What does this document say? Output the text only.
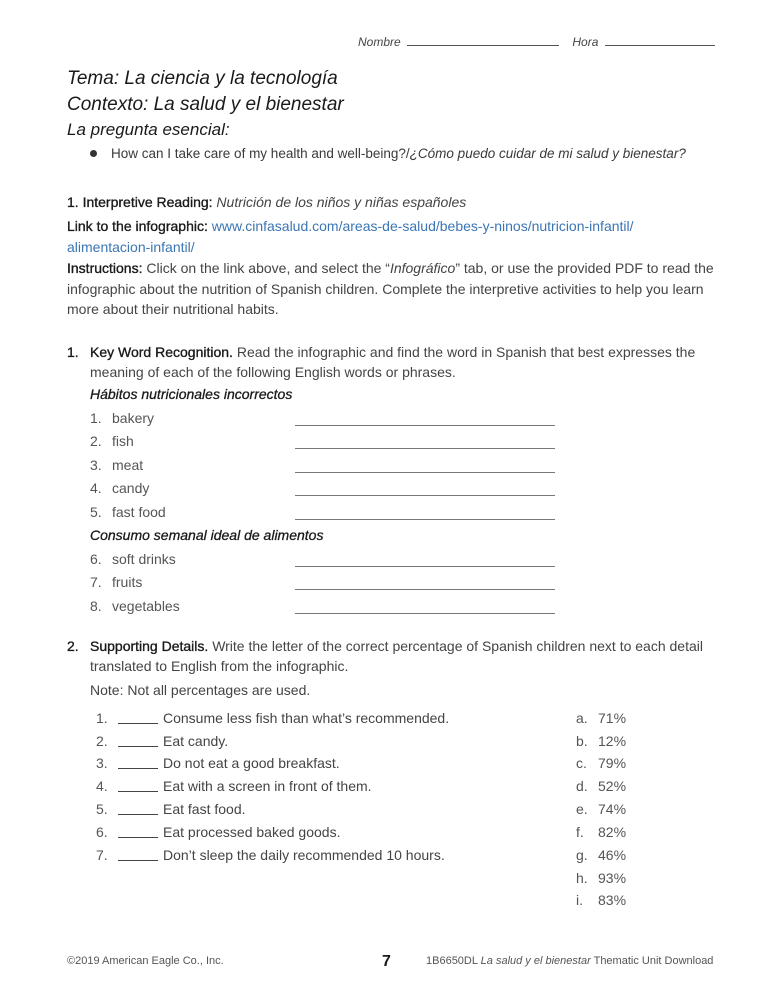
Nombre	Hora
Tema: La ciencia y la tecnología
Contexto: La salud y el bienestar
La pregunta esencial:
How can I take care of my health and well-being?/¿Cómo puedo cuidar de mi salud y bienestar?
1. Interpretive Reading: Nutrición de los niños y niñas españoles
Link to the infographic: www.cinfasalud.com/areas-de-salud/bebes-y-ninos/nutricion-infantil/
alimentacion-infantil/
Instructions: Click on the link above, and select the “Infográfico” tab, or use the provided PDF to read the infographic about the nutrition of Spanish children. Complete the interpretive activities to help you learn more about their nutritional habits.
1. Key Word Recognition. Read the infographic and find the word in Spanish that best expresses the meaning of each of the following English words or phrases.
Hábitos nutricionales incorrectos
1. bakery
2. fish
3. meat
4. candy
5. fast food
Consumo semanal ideal de alimentos
6. soft drinks
7. fruits
8. vegetables
2. Supporting Details. Write the letter of the correct percentage of Spanish children next to each detail translated to English from the infographic.
Note: Not all percentages are used.
1.	Consume less fish than what’s recommended.
2.	Eat candy.
3.	Do not eat a good breakfast.
4.	Eat with a screen in front of them.
5.	Eat fast food.
6.	Eat processed baked goods.
7.	Don’t sleep the daily recommended 10 hours.
a. 71%
b. 12%
c. 79%
d. 52%
e. 74%
f. 82%
g. 46%
h. 93%
i. 83%
©2019 American Eagle Co., Inc.	7	1B6650DL La salud y el bienestar Thematic Unit Download
